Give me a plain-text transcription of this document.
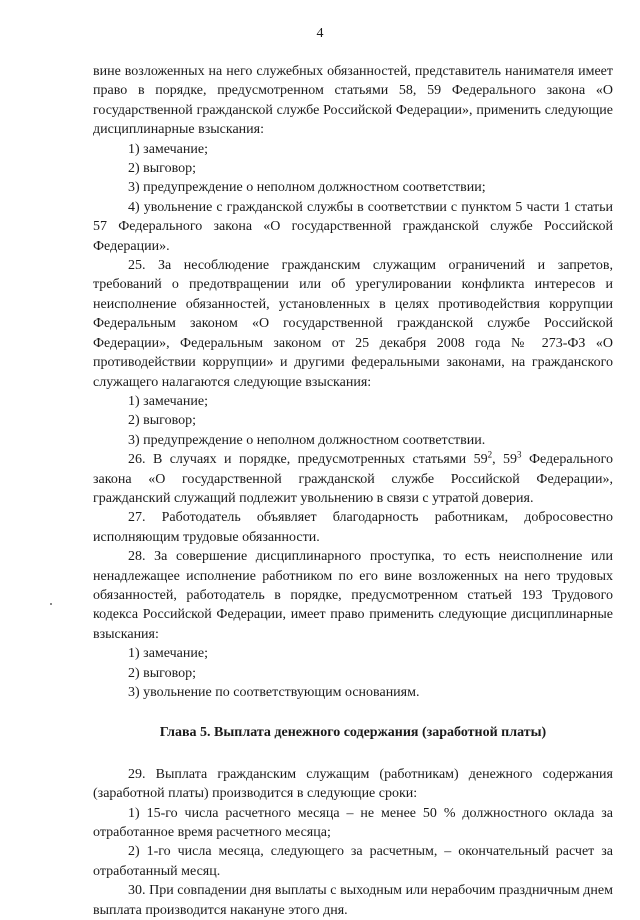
4

вине возложенных на него служебных обязанностей, представитель нанимателя имеет право в порядке, предусмотренном статьями 58, 59 Федерального закона «О государственной гражданской службе Российской Федерации», применить следующие дисциплинарные взыскания:

1) замечание;

2) выговор;

3) предупреждение о неполном должностном соответствии;

4) увольнение с гражданской службы в соответствии с пунктом 5 части 1 статьи 57 Федерального закона «О государственной гражданской службе Российской Федерации».

25. За несоблюдение гражданским служащим ограничений и запретов, требований о предотвращении или об урегулировании конфликта интересов и неисполнение обязанностей, установленных в целях противодействия коррупции Федеральным законом «О государственной гражданской службе Российской Федерации», Федеральным законом от 25 декабря 2008 года № 273-ФЗ «О противодействии коррупции» и другими федеральными законами, на гражданского служащего налагаются следующие взыскания:

1) замечание;

2) выговор;

3) предупреждение о неполном должностном соответствии.

26. В случаях и порядке, предусмотренных статьями $59^2$, $59^3$ Федерального закона «О государственной гражданской службе Российской Федерации», гражданский служащий подлежит увольнению в связи с утратой доверия.

27. Работодатель объявляет благодарность работникам, добросовестно исполняющим трудовые обязанности.

28. За совершение дисциплинарного проступка, то есть неисполнение или ненадлежащее исполнение работником по его вине возложенных на него трудовых обязанностей, работодатель в порядке, предусмотренном статьей 193 Трудового кодекса Российской Федерации, имеет право применить следующие дисциплинарные взыскания:

1) замечание;

2) выговор;

3) увольнение по соответствующим основаниям.

Глава 5. Выплата денежного содержания (заработной платы)

29. Выплата гражданским служащим (работникам) денежного содержания (заработной платы) производится в следующие сроки:

1) 15-го числа расчетного месяца – не менее 50 % должностного оклада за отработанное время расчетного месяца;

2) 1-го числа месяца, следующего за расчетным, – окончательный расчет за отработанный месяц.

30. При совпадении дня выплаты с выходным или нерабочим праздничным днем выплата производится накануне этого дня.
